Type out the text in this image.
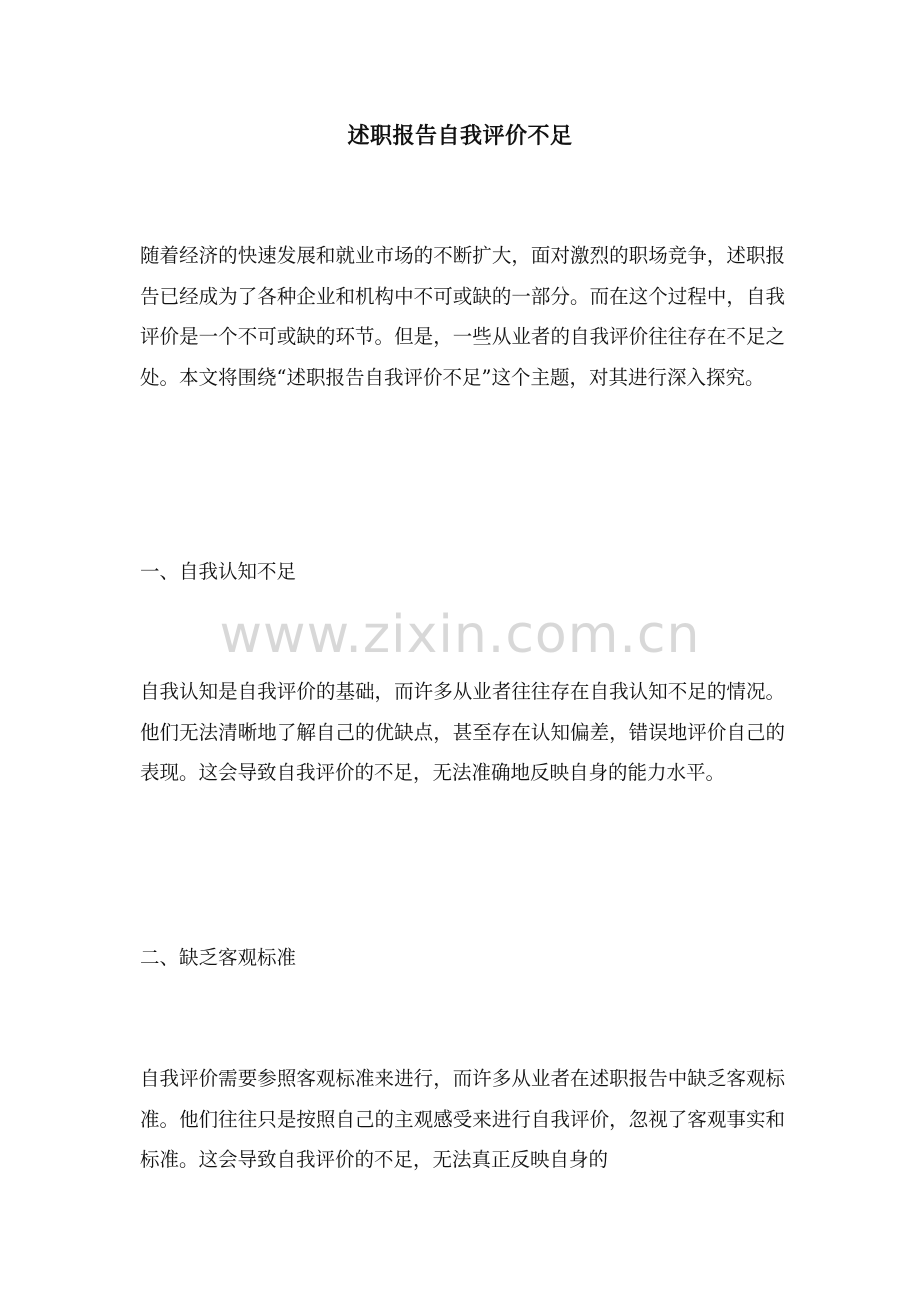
述职报告自我评价不足
随着经济的快速发展和就业市场的不断扩大，面对激烈的职场竞争，述职报告已经成为了各种企业和机构中不可或缺的一部分。而在这个过程中，自我评价是一个不可或缺的环节。但是，一些从业者的自我评价往往存在不足之处。本文将围绕“述职报告自我评价不足”这个主题，对其进行深入探究。
一、自我认知不足
www.zixin.com.cn
自我认知是自我评价的基础，而许多从业者往往存在自我认知不足的情况。他们无法清晰地了解自己的优缺点，甚至存在认知偏差，错误地评价自己的表现。这会导致自我评价的不足，无法准确地反映自身的能力水平。
二、缺乏客观标准
自我评价需要参照客观标准来进行，而许多从业者在述职报告中缺乏客观标准。他们往往只是按照自己的主观感受来进行自我评价，忽视了客观事实和标准。这会导致自我评价的不足，无法真正反映自身的
